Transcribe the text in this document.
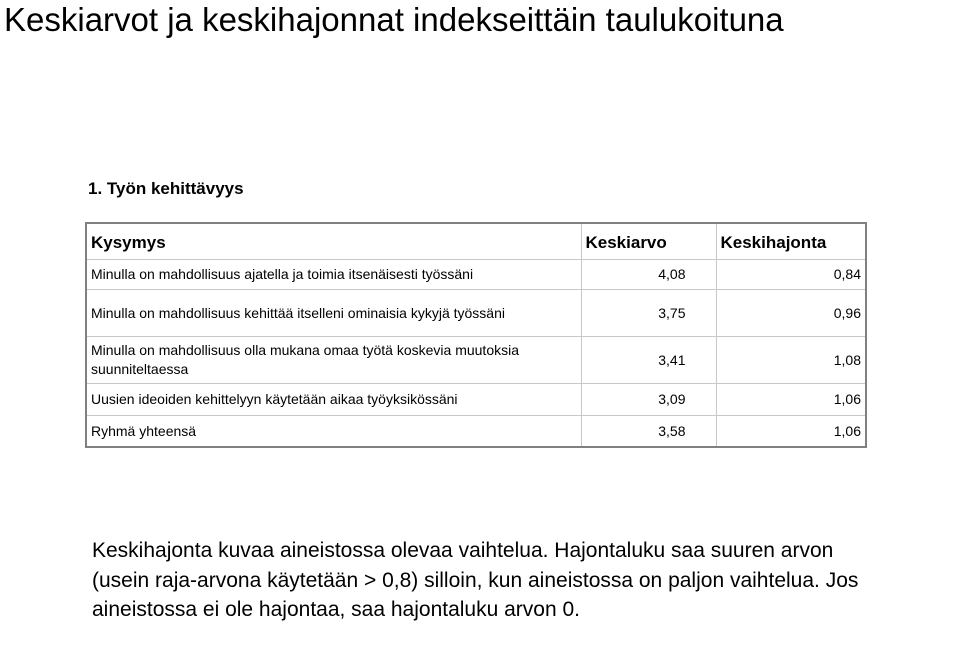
Keskiarvot ja keskihajonnat indekseittäin taulukoituna
1. Työn kehittävyys
Kysymys	Keskiarvo	Keskihajonta
Minulla on mahdollisuus ajatella ja toimia itsenäisesti työssäni	4,08	0,84
Minulla on mahdollisuus kehittää itselleni ominaisia kykyjä työssäni	3,75	0,96
Minulla on mahdollisuus olla mukana omaa työtä koskevia muutoksia suunniteltaessa	3,41	1,08
Uusien ideoiden kehittelyyn käytetään aikaa työyksikössäni	3,09	1,06
Ryhmä yhteensä	3,58	1,06

Keskihajonta kuvaa aineistossa olevaa vaihtelua. Hajontaluku saa suuren arvon (usein raja-arvona käytetään > 0,8) silloin, kun aineistossa on paljon vaihtelua. Jos aineistossa ei ole hajontaa, saa hajontaluku arvon 0.
